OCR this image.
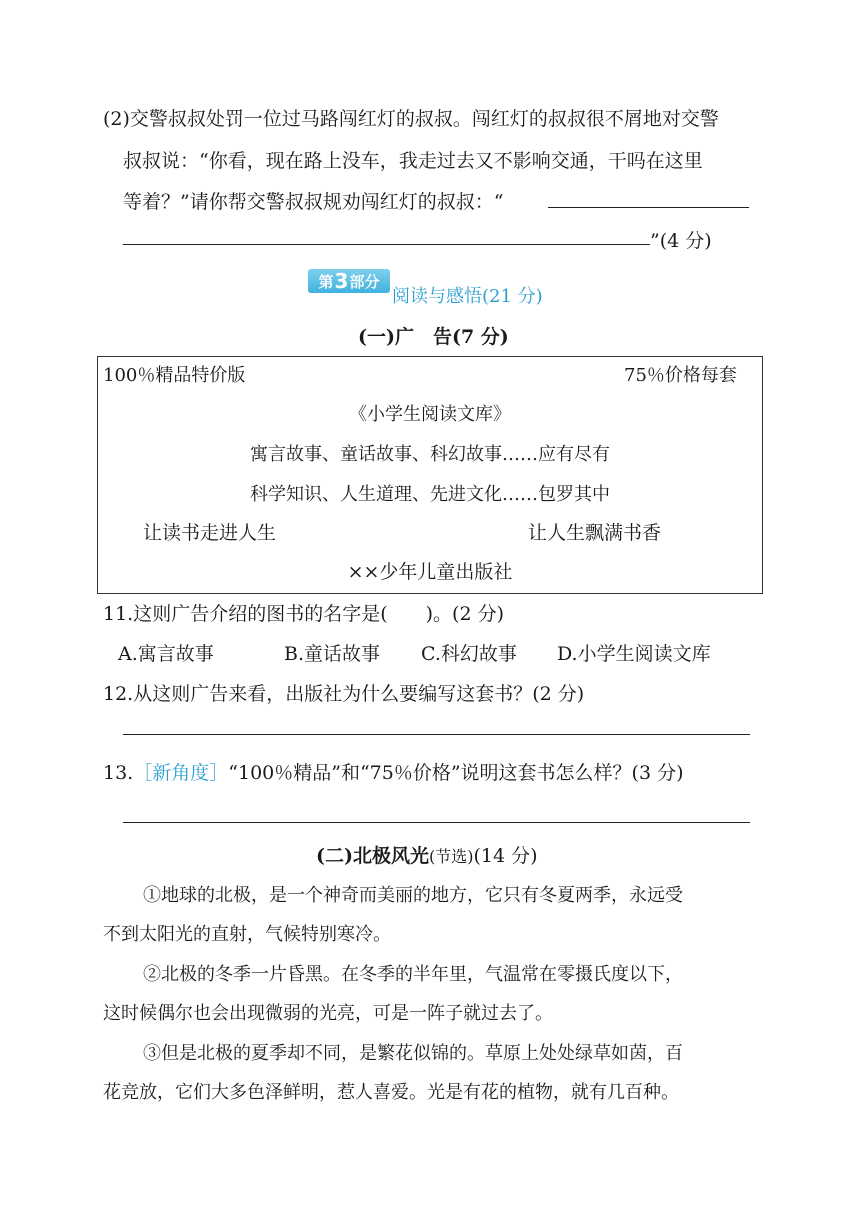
(2)交警叔叔处罚一位过马路闯红灯的叔叔。闯红灯的叔叔很不屑地对交警
叔叔说：“你看，现在路上没车，我走过去又不影响交通，干吗在这里
等着？”请你帮交警叔叔规劝闯红灯的叔叔：“
”(4 分)
第 3 部分
阅读与感悟(21 分)
(一)广　告(7 分)
100％精品特价版	75％价格每套
《小学生阅读文库》
寓言故事、童话故事、科幻故事……应有尽有
科学知识、人生道理、先进文化……包罗其中
让读书走进人生	让人生飘满书香
××少年儿童出版社
11.这则广告介绍的图书的名字是(　　)。(2 分)
A.寓言故事	B.童话故事 C.科幻故事 D.小学生阅读文库
12.从这则广告来看，出版社为什么要编写这套书？(2 分)
13.［新角度］“100％精品”和“75％价格”说明这套书怎么样？(3 分)
(二)北极风光(节选)(14 分)
①地球的北极，是一个神奇而美丽的地方，它只有冬夏两季，永远受
不到太阳光的直射，气候特别寒冷。
②北极的冬季一片昏黑。在冬季的半年里，气温常在零摄氏度以下，
这时候偶尔也会出现微弱的光亮，可是一阵子就过去了。
③但是北极的夏季却不同，是繁花似锦的。草原上处处绿草如茵，百
花竞放，它们大多色泽鲜明，惹人喜爱。光是有花的植物，就有几百种。
